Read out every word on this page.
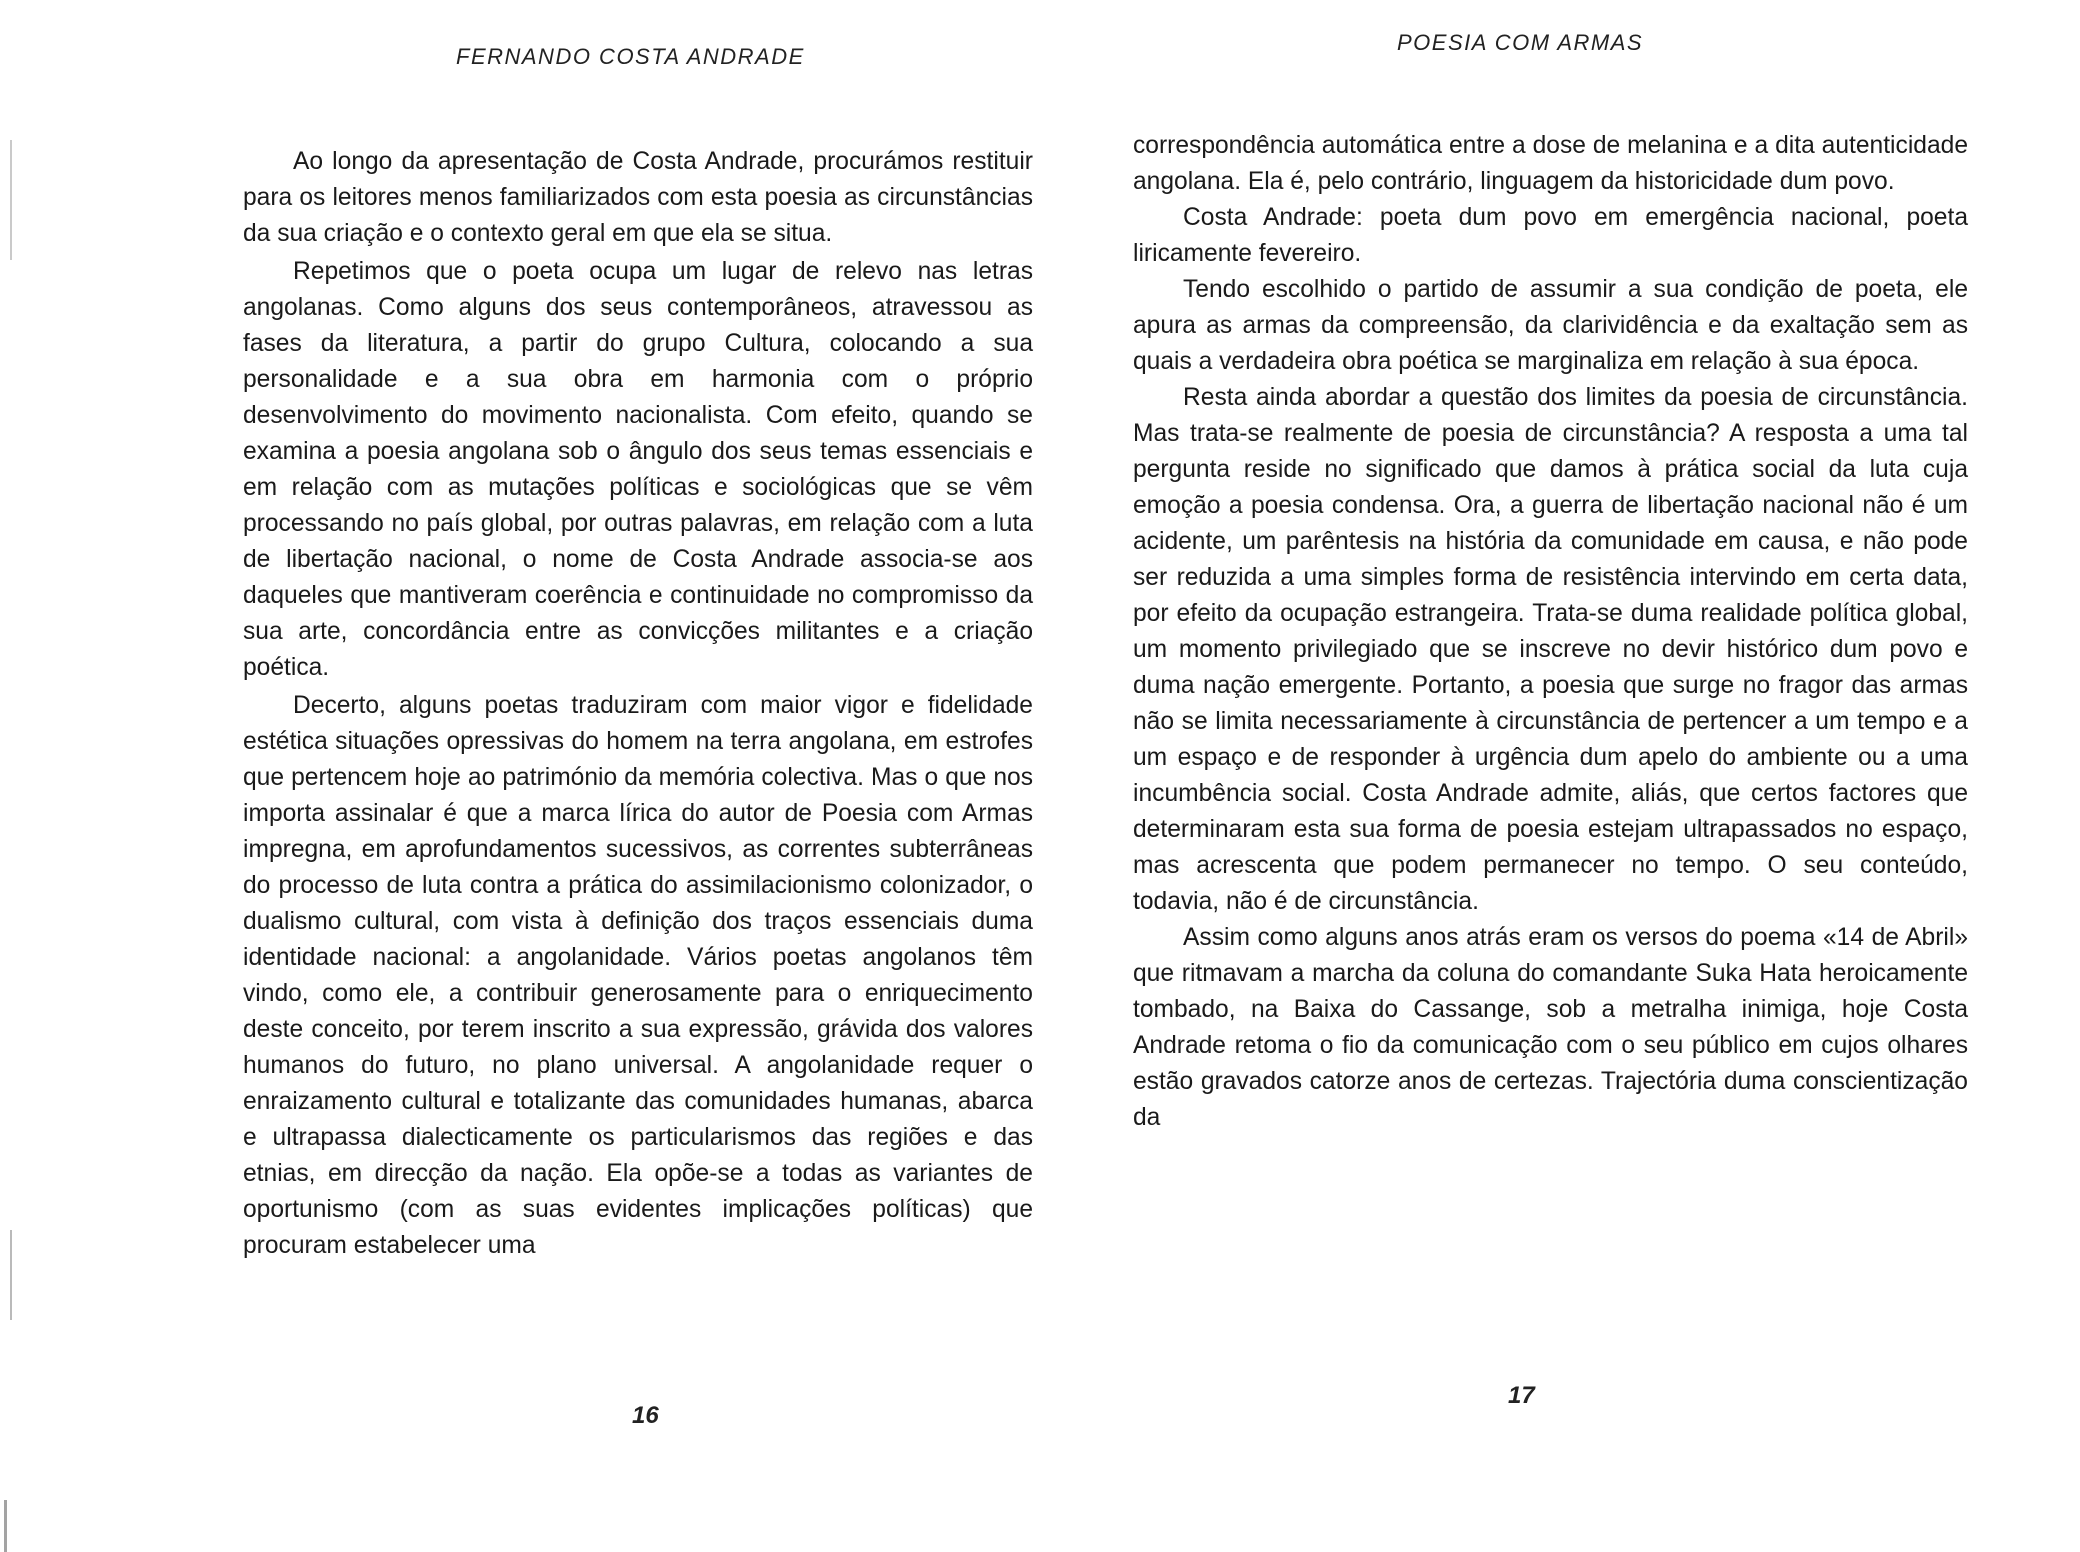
FERNANDO COSTA ANDRADE

Ao longo da apresentação de Costa Andrade, procurámos restituir para os leitores menos familiarizados com esta poesia as circunstâncias da sua criação e o contexto geral em que ela se situa.

Repetimos que o poeta ocupa um lugar de relevo nas letras angolanas. Como alguns dos seus contemporâneos, atravessou as fases da literatura, a partir do grupo Cultura, colocando a sua personalidade e a sua obra em harmonia com o próprio desenvolvimento do movimento nacionalista. Com efeito, quando se examina a poesia angolana sob o ângulo dos seus temas essenciais e em relação com as mutações políticas e sociológicas que se vêm processando no país global, por outras palavras, em relação com a luta de libertação nacional, o nome de Costa Andrade associa-se aos daqueles que mantiveram coerência e continuidade no compromisso da sua arte, concordância entre as convicções militantes e a criação poética.

Decerto, alguns poetas traduziram com maior vigor e fidelidade estética situações opressivas do homem na terra angolana, em estrofes que pertencem hoje ao património da memória colectiva. Mas o que nos importa assinalar é que a marca lírica do autor de Poesia com Armas impregna, em aprofundamentos sucessivos, as correntes subterrâneas do processo de luta contra a prática do assimilacionismo colonizador, o dualismo cultural, com vista à definição dos traços essenciais duma identidade nacional: a angolanidade. Vários poetas angolanos têm vindo, como ele, a contribuir generosamente para o enriquecimento deste conceito, por terem inscrito a sua expressão, grávida dos valores humanos do futuro, no plano universal. A angolanidade requer o enraizamento cultural e totalizante das comunidades humanas, abarca e ultrapassa dialecticamente os particularismos das regiões e das etnias, em direcção da nação. Ela opõe-se a todas as variantes de oportunismo (com as suas evidentes implicações políticas) que procuram estabelecer uma

16
POESIA COM ARMAS

correspondência automática entre a dose de melanina e a dita autenticidade angolana. Ela é, pelo contrário, linguagem da historicidade dum povo.

Costa Andrade: poeta dum povo em emergência nacional, poeta liricamente fevereiro.

Tendo escolhido o partido de assumir a sua condição de poeta, ele apura as armas da compreensão, da clarividência e da exaltação sem as quais a verdadeira obra poética se marginaliza em relação à sua época.

Resta ainda abordar a questão dos limites da poesia de circunstância. Mas trata-se realmente de poesia de circunstância? A resposta a uma tal pergunta reside no significado que damos à prática social da luta cuja emoção a poesia condensa. Ora, a guerra de libertação nacional não é um acidente, um parêntesis na história da comunidade em causa, e não pode ser reduzida a uma simples forma de resistência intervindo em certa data, por efeito da ocupação estrangeira. Trata-se duma realidade política global, um momento privilegiado que se inscreve no devir histórico dum povo e duma nação emergente. Portanto, a poesia que surge no fragor das armas não se limita necessariamente à circunstância de pertencer a um tempo e a um espaço e de responder à urgência dum apelo do ambiente ou a uma incumbência social. Costa Andrade admite, aliás, que certos factores que determinaram esta sua forma de poesia estejam ultrapassados no espaço, mas acrescenta que podem permanecer no tempo. O seu conteúdo, todavia, não é de circunstância.

Assim como alguns anos atrás eram os versos do poema «14 de Abril» que ritmavam a marcha da coluna do comandante Suka Hata heroicamente tombado, na Baixa do Cassange, sob a metralha inimiga, hoje Costa Andrade retoma o fio da comunicação com o seu público em cujos olhares estão gravados catorze anos de certezas. Trajectória duma conscientização da

17
